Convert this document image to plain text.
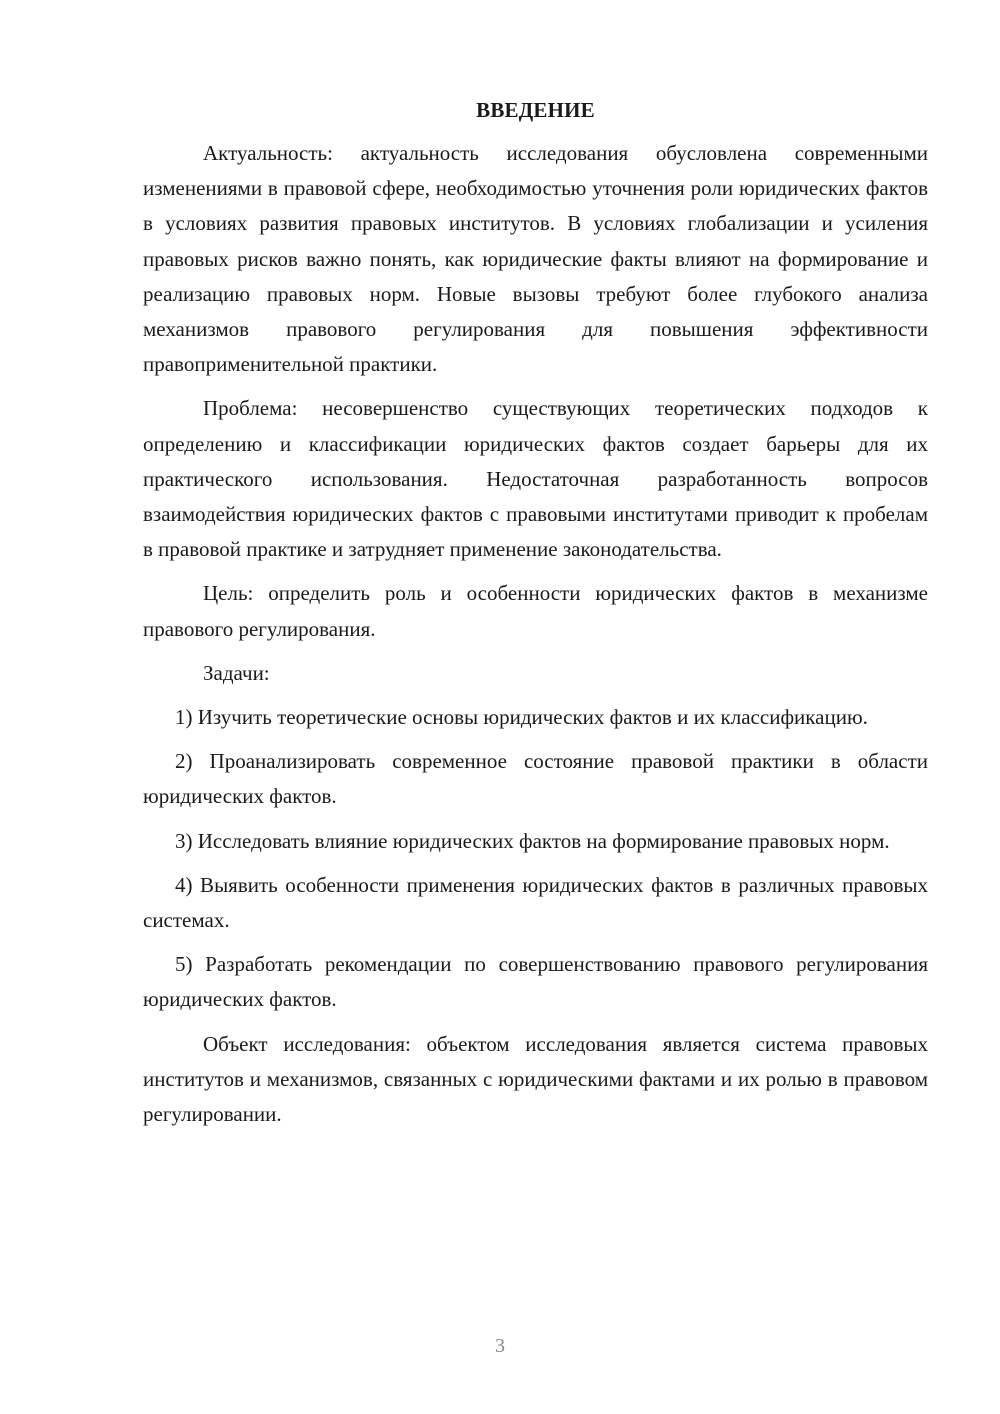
ВВЕДЕНИЕ

Актуальность: актуальность исследования обусловлена современными изменениями в правовой сфере, необходимостью уточнения роли юридических фактов в условиях развития правовых институтов. В условиях глобализации и усиления правовых рисков важно понять, как юридические факты влияют на формирование и реализацию правовых норм. Новые вызовы требуют более глубокого анализа механизмов правового регулирования для повышения эффективности правоприменительной практики.

Проблема: несовершенство существующих теоретических подходов к определению и классификации юридических фактов создает барьеры для их практического использования. Недостаточная разработанность вопросов взаимодействия юридических фактов с правовыми институтами приводит к пробелам в правовой практике и затрудняет применение законодательства.

Цель: определить роль и особенности юридических фактов в механизме правового регулирования.

Задачи:

1) Изучить теоретические основы юридических фактов и их классификацию.

2) Проанализировать современное состояние правовой практики в области юридических фактов.

3) Исследовать влияние юридических фактов на формирование правовых норм.

4) Выявить особенности применения юридических фактов в различных правовых системах.

5) Разработать рекомендации по совершенствованию правового регулирования юридических фактов.

Объект исследования: объектом исследования является система правовых институтов и механизмов, связанных с юридическими фактами и их ролью в правовом регулировании.

3
